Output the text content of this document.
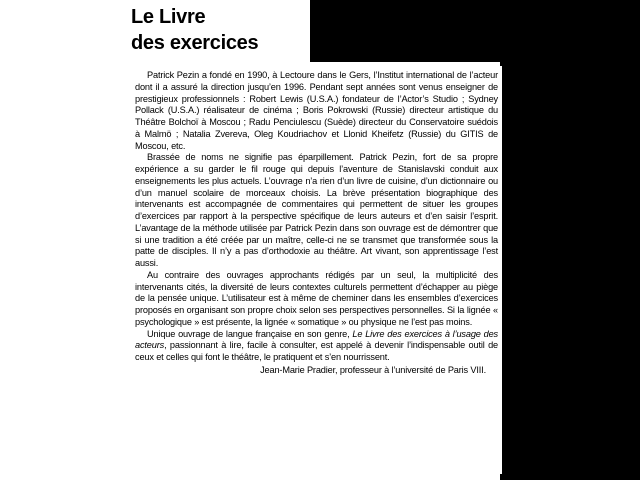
Le Livre
des exercices

Patrick Pezin a fondé en 1990, à Lectoure dans le Gers, l’Institut international de l’acteur dont il a assuré la direction jusqu’en 1996. Pendant sept années sont venus enseigner de prestigieux professionnels : Robert Lewis (U.S.A.) fondateur de l’Actor’s Studio ; Sydney Pollack (U.S.A.) réalisateur de cinéma ; Boris Pokrowski (Russie) directeur artistique du Théâtre Bolchoï à Moscou ; Radu Penciulescu (Suède) directeur du Conservatoire suédois à Malmö ; Natalia Zvereva, Oleg Koudriachov et Llonid Kheifetz (Russie) du GITIS de Moscou, etc.

Brassée de noms ne signifie pas éparpillement. Patrick Pezin, fort de sa propre expérience a su garder le fil rouge qui depuis l’aventure de Stanislavski conduit aux enseignements les plus actuels. L’ouvrage n’a rien d’un livre de cuisine, d’un dictionnaire ou d’un manuel scolaire de morceaux choisis. La brève présentation biographique des intervenants est accompagnée de commentaires qui permettent de situer les groupes d’exercices par rapport à la perspective spécifique de leurs auteurs et d’en saisir l’esprit. L’avantage de la méthode utilisée par Patrick Pezin dans son ouvrage est de démontrer que si une tradition a été créée par un maître, celle-ci ne se transmet que transformée sous la patte de disciples. Il n’y a pas d’orthodoxie au théâtre. Art vivant, son apprentissage l’est aussi.

Au contraire des ouvrages approchants rédigés par un seul, la multiplicité des intervenants cités, la diversité de leurs contextes culturels permettent d’échapper au piège de la pensée unique. L’utilisateur est à même de cheminer dans les ensembles d’exercices proposés en organisant son propre choix selon ses perspectives personnelles. Si la lignée « psychologique » est présente, la lignée « somatique » ou physique ne l’est pas moins.

Unique ouvrage de langue française en son genre, Le Livre des exercices à l’usage des acteurs, passionnant à lire, facile à consulter, est appelé à devenir l’indispensable outil de ceux et celles qui font le théâtre, le pratiquent et s’en nourrissent.

Jean-Marie Pradier, professeur à l’université de Paris VIII.
